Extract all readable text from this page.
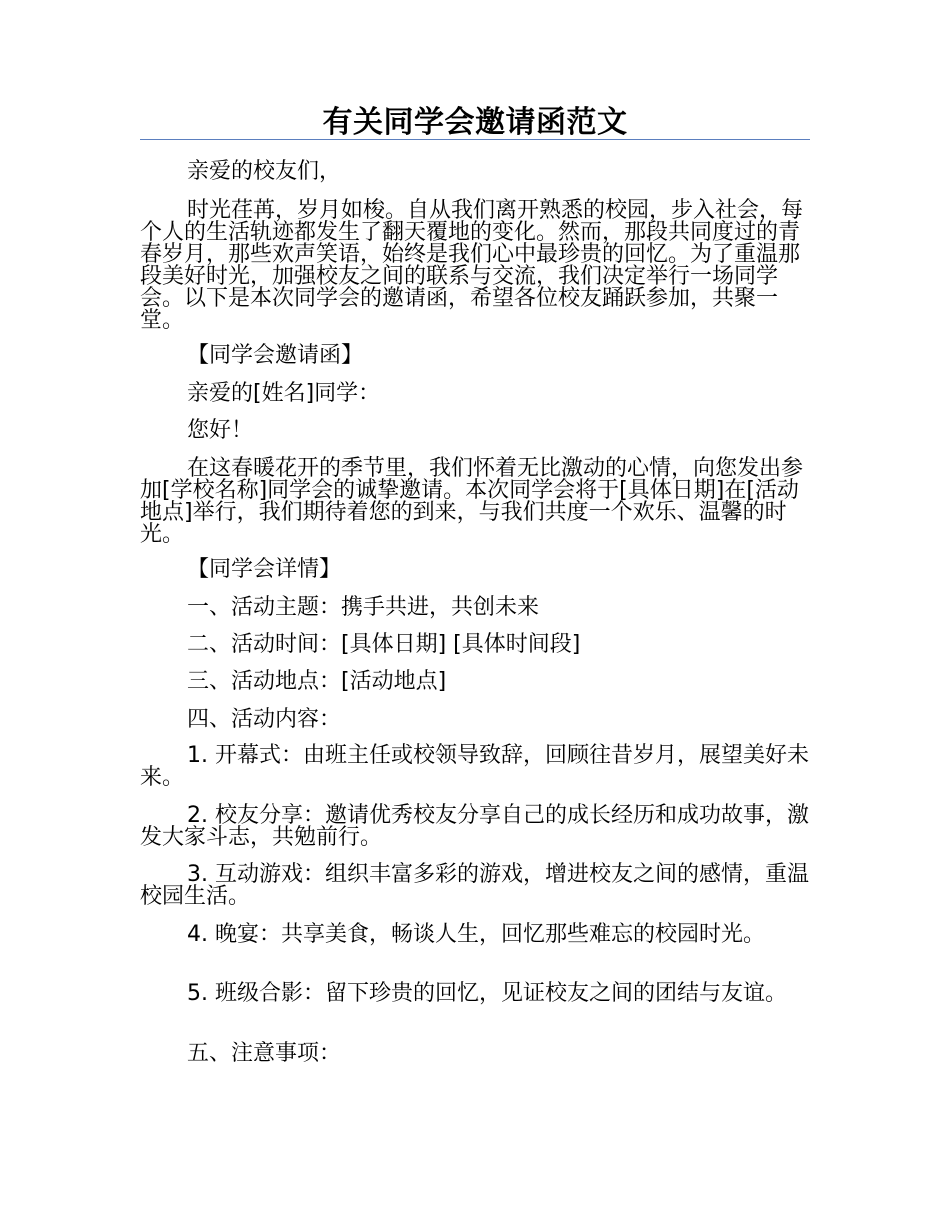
有关同学会邀请函范文

亲爱的校友们，

时光荏苒，岁月如梭。自从我们离开熟悉的校园，步入社会，每个人的生活轨迹都发生了翻天覆地的变化。然而，那段共同度过的青春岁月，那些欢声笑语，始终是我们心中最珍贵的回忆。为了重温那段美好时光，加强校友之间的联系与交流，我们决定举行一场同学会。以下是本次同学会的邀请函，希望各位校友踊跃参加，共聚一堂。

【同学会邀请函】

亲爱的[姓名]同学：

您好！

在这春暖花开的季节里，我们怀着无比激动的心情，向您发出参加[学校名称]同学会的诚挚邀请。本次同学会将于[具体日期]在[活动地点]举行，我们期待着您的到来，与我们共度一个欢乐、温馨的时光。

【同学会详情】

一、活动主题：携手共进，共创未来

二、活动时间：[具体日期] [具体时间段]

三、活动地点：[活动地点]

四、活动内容：

1. 开幕式：由班主任或校领导致辞，回顾往昔岁月，展望美好未来。

2. 校友分享：邀请优秀校友分享自己的成长经历和成功故事，激发大家斗志，共勉前行。

3. 互动游戏：组织丰富多彩的游戏，增进校友之间的感情，重温校园生活。

4. 晚宴：共享美食，畅谈人生，回忆那些难忘的校园时光。

5. 班级合影：留下珍贵的回忆，见证校友之间的团结与友谊。

五、注意事项：
